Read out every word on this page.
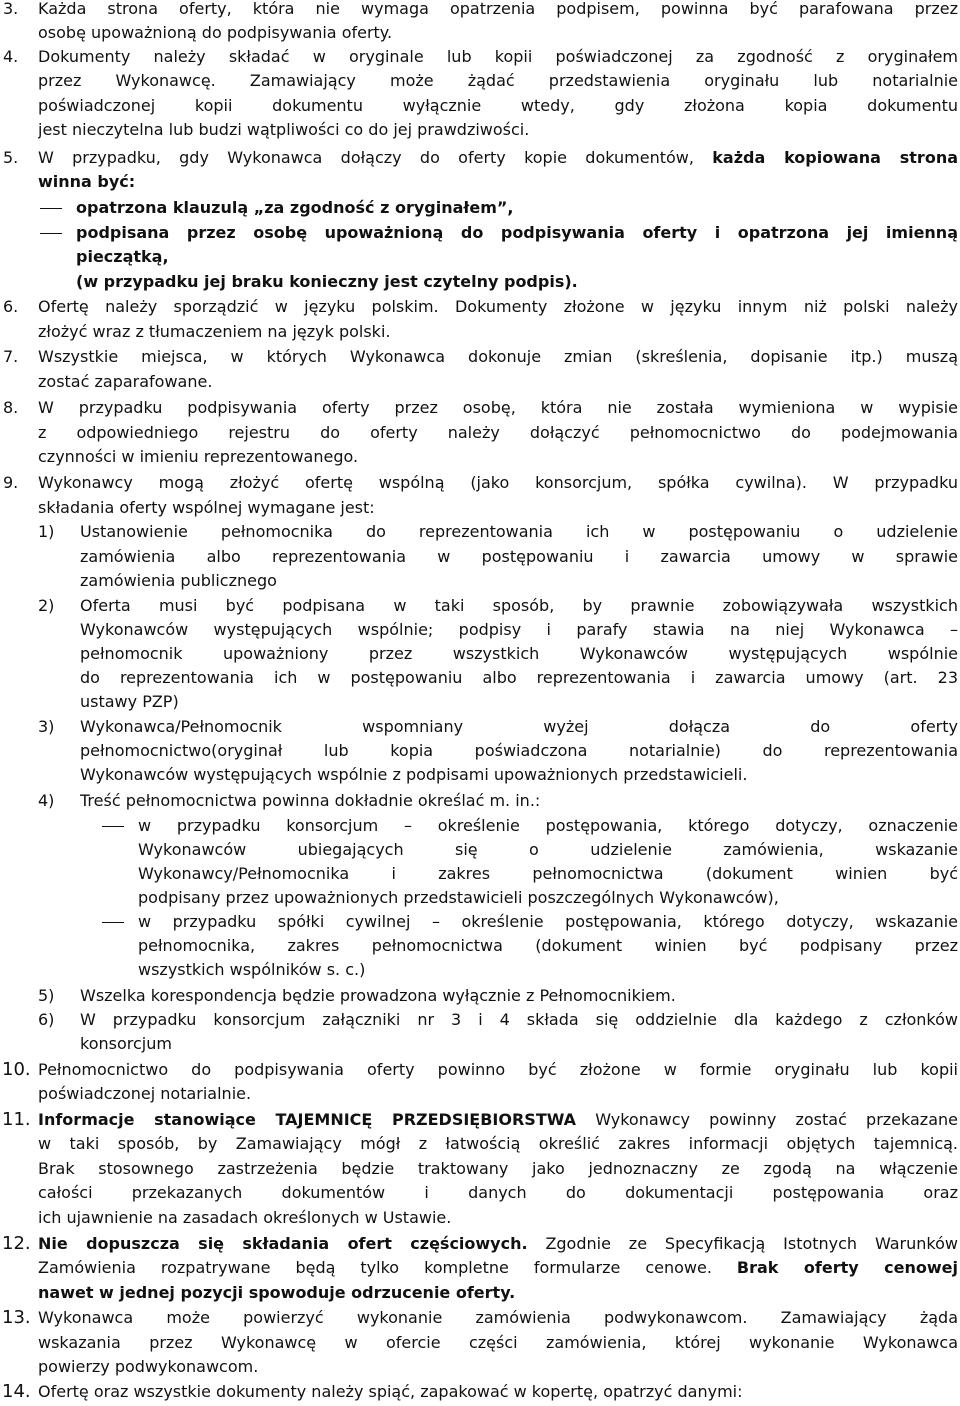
3.	Każda strona oferty, która nie wymaga opatrzenia podpisem, powinna być parafowana przez
osobę upoważnioną do podpisywania oferty.
4.	Dokumenty należy składać w oryginale lub kopii poświadczonej za zgodność z oryginałem
przez Wykonawcę. Zamawiający może żądać przedstawienia oryginału lub notarialnie
poświadczonej kopii dokumentu wyłącznie wtedy, gdy złożona kopia dokumentu
jest nieczytelna lub budzi wątpliwości co do jej prawdziwości.
5.	W przypadku, gdy Wykonawca dołączy do oferty kopie dokumentów, każda kopiowana strona
winna być:
opatrzona klauzulą „za zgodność z oryginałem”,
podpisana przez osobę upoważnioną do podpisywania oferty i opatrzona jej imienną
pieczątką,
(w przypadku jej braku konieczny jest czytelny podpis).
6.	Ofertę należy sporządzić w języku polskim. Dokumenty złożone w języku innym niż polski należy
złożyć wraz z tłumaczeniem na język polski.
7.	Wszystkie miejsca, w których Wykonawca dokonuje zmian (skreślenia, dopisanie itp.) muszą
zostać zaparafowane.
8.	W przypadku podpisywania oferty przez osobę, która nie została wymieniona w wypisie
z odpowiedniego rejestru do oferty należy dołączyć pełnomocnictwo do podejmowania
czynności w imieniu reprezentowanego.
9.	Wykonawcy mogą złożyć ofertę wspólną (jako konsorcjum, spółka cywilna). W przypadku
składania oferty wspólnej wymagane jest:
1)	Ustanowienie pełnomocnika do reprezentowania ich w postępowaniu o udzielenie
zamówienia albo reprezentowania w postępowaniu i zawarcia umowy w sprawie
zamówienia publicznego
2)	Oferta musi być podpisana w taki sposób, by prawnie zobowiązywała wszystkich
Wykonawców występujących wspólnie; podpisy i parafy stawia na niej Wykonawca –
pełnomocnik upoważniony przez wszystkich Wykonawców występujących wspólnie
do reprezentowania ich w postępowaniu albo reprezentowania i zawarcia umowy (art. 23
ustawy PZP)
3)	Wykonawca/Pełnomocnik wspomniany wyżej dołącza do oferty
pełnomocnictwo(oryginał lub kopia poświadczona notarialnie) do reprezentowania
Wykonawców występujących wspólnie z podpisami upoważnionych przedstawicieli.
4)	Treść pełnomocnictwa powinna dokładnie określać m. in.:
w przypadku konsorcjum – określenie postępowania, którego dotyczy, oznaczenie
Wykonawców ubiegających się o udzielenie zamówienia, wskazanie
Wykonawcy/Pełnomocnika i zakres pełnomocnictwa (dokument winien być
podpisany przez upoważnionych przedstawicieli poszczególnych Wykonawców),
w przypadku spółki cywilnej – określenie postępowania, którego dotyczy, wskazanie
pełnomocnika, zakres pełnomocnictwa (dokument winien być podpisany przez
wszystkich wspólników s. c.)
5)	Wszelka korespondencja będzie prowadzona wyłącznie z Pełnomocnikiem.
6)	W przypadku konsorcjum załączniki nr 3 i 4 składa się oddzielnie dla każdego z członków
konsorcjum
10. Pełnomocnictwo do podpisywania oferty powinno być złożone w formie oryginału lub kopii
poświadczonej notarialnie.
11. Informacje stanowiące TAJEMNICĘ PRZEDSIĘBIORSTWA Wykonawcy powinny zostać przekazane
w taki sposób, by Zamawiający mógł z łatwością określić zakres informacji objętych tajemnicą.
Brak stosownego zastrzeżenia będzie traktowany jako jednoznaczny ze zgodą na włączenie
całości przekazanych dokumentów i danych do dokumentacji postępowania oraz
ich ujawnienie na zasadach określonych w Ustawie.
12. Nie dopuszcza się składania ofert częściowych. Zgodnie ze Specyfikacją Istotnych Warunków
Zamówienia rozpatrywane będą tylko kompletne formularze cenowe. Brak oferty cenowej
nawet w jednej pozycji spowoduje odrzucenie oferty.
13. Wykonawca może powierzyć wykonanie zamówienia podwykonawcom. Zamawiający żąda
wskazania przez Wykonawcę w ofercie części zamówienia, której wykonanie Wykonawca
powierzy podwykonawcom.
14. Ofertę oraz wszystkie dokumenty należy spiąć, zapakować w kopertę, opatrzyć danymi:
